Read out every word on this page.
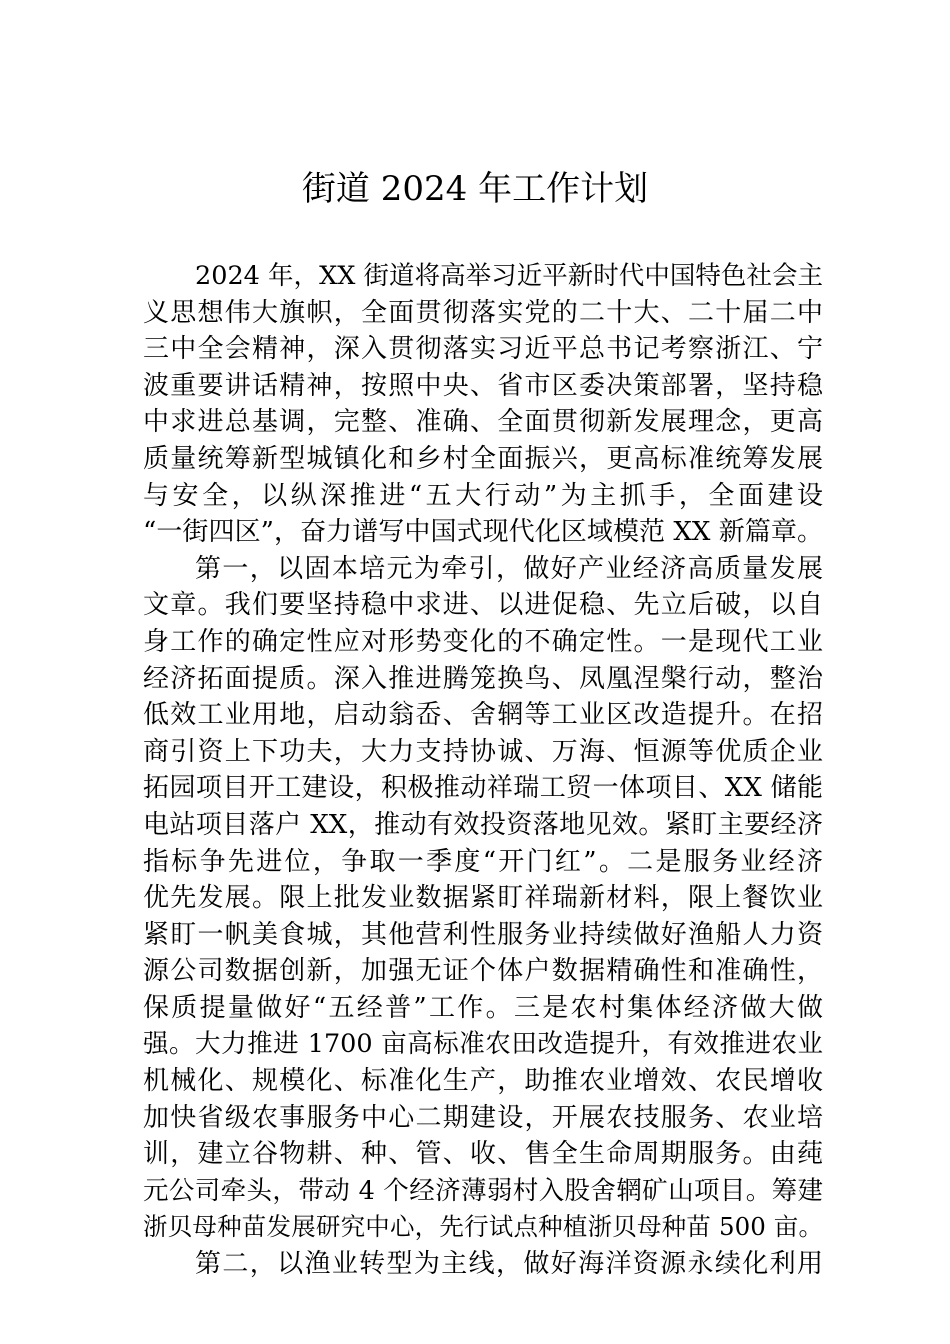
街道 2024 年工作计划
2024 年，XX 街道将高举习近平新时代中国特色社会主
义思想伟大旗帜，全面贯彻落实党的二十大、二十届二中
三中全会精神，深入贯彻落实习近平总书记考察浙江、宁
波重要讲话精神，按照中央、省市区委决策部署，坚持稳
中求进总基调，完整、准确、全面贯彻新发展理念，更高
质量统筹新型城镇化和乡村全面振兴，更高标准统筹发展
与安全，以纵深推进“五大行动”为主抓手，全面建设
“一街四区”，奋力谱写中国式现代化区域模范 XX 新篇章。
第一，以固本培元为牵引，做好产业经济高质量发展
文章。我们要坚持稳中求进、以进促稳、先立后破，以自
身工作的确定性应对形势变化的不确定性。一是现代工业
经济拓面提质。深入推进腾笼换鸟、凤凰涅槃行动，整治
低效工业用地，启动翁岙、舍辋等工业区改造提升。在招
商引资上下功夫，大力支持协诚、万海、恒源等优质企业
拓园项目开工建设，积极推动祥瑞工贸一体项目、XX 储能
电站项目落户 XX，推动有效投资落地见效。紧盯主要经济
指标争先进位，争取一季度“开门红”。二是服务业经济
优先发展。限上批发业数据紧盯祥瑞新材料，限上餐饮业
紧盯一帆美食城，其他营利性服务业持续做好渔船人力资
源公司数据创新，加强无证个体户数据精确性和准确性，
保质提量做好“五经普”工作。三是农村集体经济做大做
强。大力推进 1700 亩高标准农田改造提升，有效推进农业
机械化、规模化、标准化生产，助推农业增效、农民增收
加快省级农事服务中心二期建设，开展农技服务、农业培
训，建立谷物耕、种、管、收、售全生命周期服务。由莼
元公司牵头，带动 4 个经济薄弱村入股舍辋矿山项目。筹建
浙贝母种苗发展研究中心，先行试点种植浙贝母种苗 500 亩。
第二，以渔业转型为主线，做好海洋资源永续化利用
